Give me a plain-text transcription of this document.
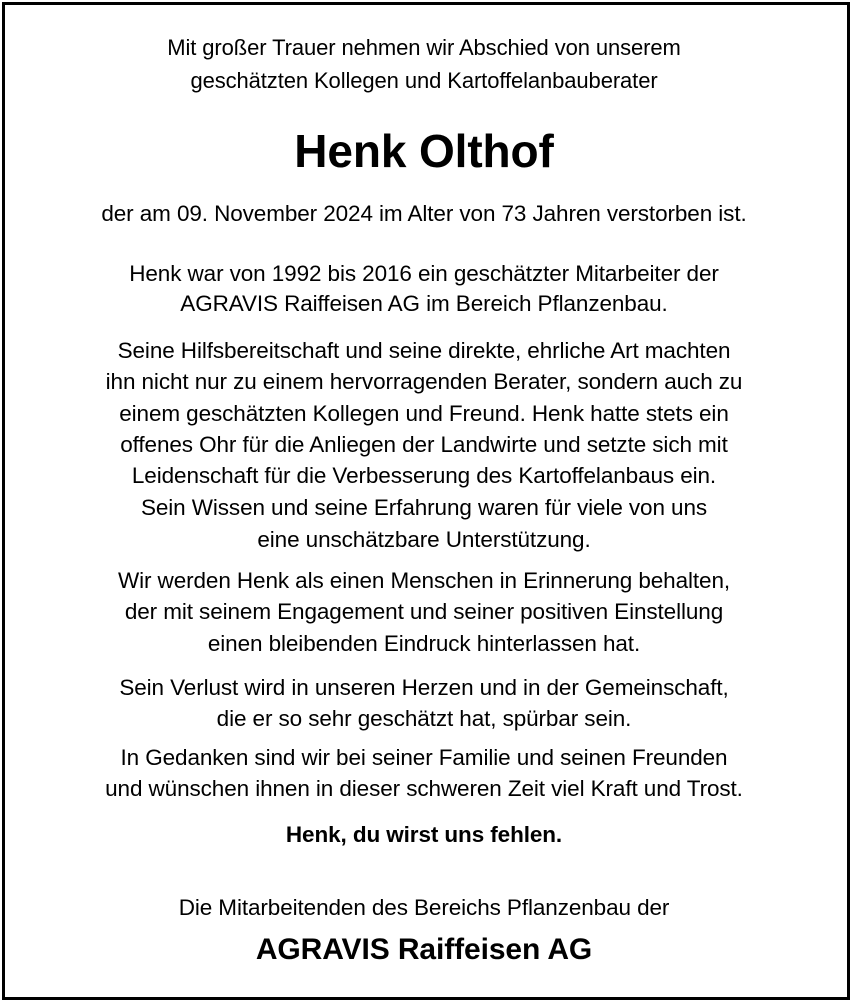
Mit großer Trauer nehmen wir Abschied von unserem
geschätzten Kollegen und Kartoffelanbauberater
Henk Olthof
der am 09. November 2024 im Alter von 73 Jahren verstorben ist.
Henk war von 1992 bis 2016 ein geschätzter Mitarbeiter der
AGRAVIS Raiffeisen AG im Bereich Pflanzenbau.
Seine Hilfsbereitschaft und seine direkte, ehrliche Art machten
ihn nicht nur zu einem hervorragenden Berater, sondern auch zu
einem geschätzten Kollegen und Freund. Henk hatte stets ein
offenes Ohr für die Anliegen der Landwirte und setzte sich mit
Leidenschaft für die Verbesserung des Kartoffelanbaus ein.
Sein Wissen und seine Erfahrung waren für viele von uns
eine unschätzbare Unterstützung.
Wir werden Henk als einen Menschen in Erinnerung behalten,
der mit seinem Engagement und seiner positiven Einstellung
einen bleibenden Eindruck hinterlassen hat.
Sein Verlust wird in unseren Herzen und in der Gemeinschaft,
die er so sehr geschätzt hat, spürbar sein.
In Gedanken sind wir bei seiner Familie und seinen Freunden
und wünschen ihnen in dieser schweren Zeit viel Kraft und Trost.
Henk, du wirst uns fehlen.
Die Mitarbeitenden des Bereichs Pflanzenbau der
AGRAVIS Raiffeisen AG
